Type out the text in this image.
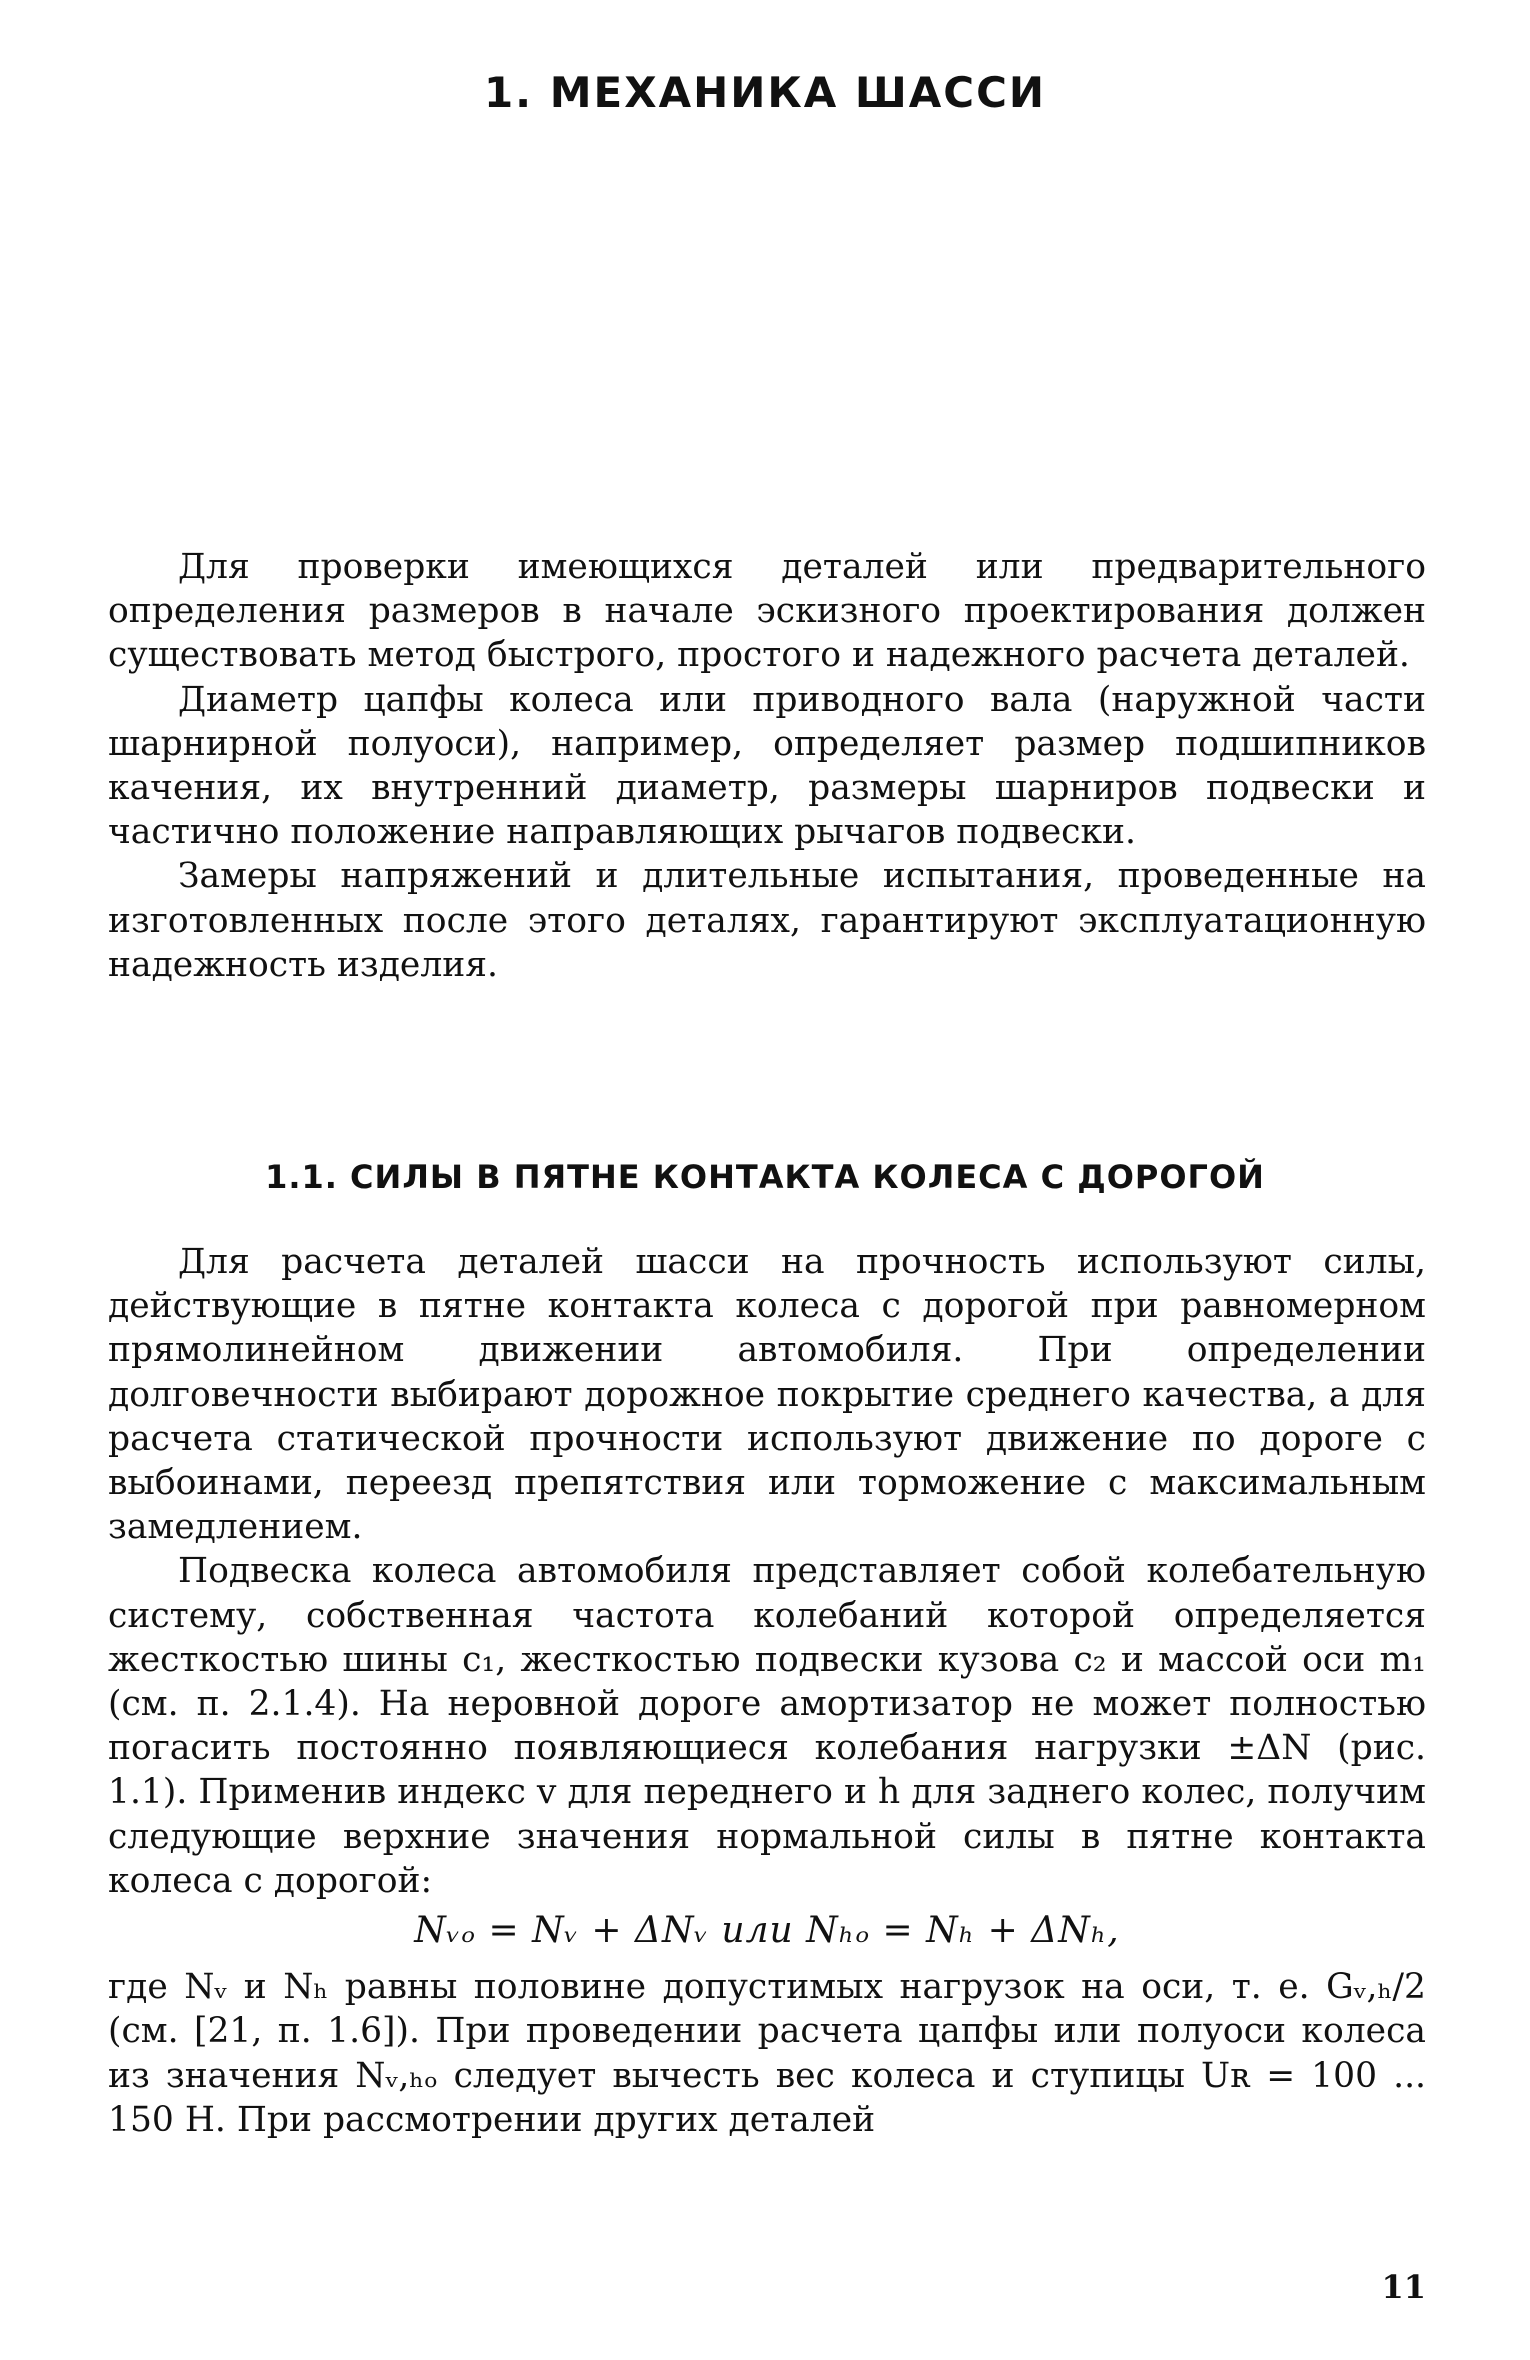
1. МЕХАНИКА ШАССИ

Для проверки имеющихся деталей или предварительного определения размеров в начале эскизного проектирования должен существовать метод быстрого, простого и надежного расчета деталей.

Диаметр цапфы колеса или приводного вала (наружной части шарнирной полуоси), например, определяет размер подшипников качения, их внутренний диаметр, размеры шарниров подвески и частично положение направляющих рычагов подвески.

Замеры напряжений и длительные испытания, проведенные на изготовленных после этого деталях, гарантируют эксплуатационную надежность изделия.

1.1. СИЛЫ В ПЯТНЕ КОНТАКТА КОЛЕСА С ДОРОГОЙ

Для расчета деталей шасси на прочность используют силы, действующие в пятне контакта колеса с дорогой при равномерном прямолинейном движении автомобиля. При определении долговечности выбирают дорожное покрытие среднего качества, а для расчета статической прочности используют движение по дороге с выбоинами, переезд препятствия или торможение с максимальным замедлением.

Подвеска колеса автомобиля представляет собой колебательную систему, собственная частота колебаний которой определяется жесткостью шины c₁, жесткостью подвески кузова c₂ и массой оси m₁ (см. п. 2.1.4). На неровной дороге амортизатор не может полностью погасить постоянно появляющиеся колебания нагрузки ±ΔN (рис. 1.1). Применив индекс v для переднего и h для заднего колес, получим следующие верхние значения нормальной силы в пятне контакта колеса с дорогой:

Nᵥₒ = Nᵥ + ΔNᵥ или Nₕₒ = Nₕ + ΔNₕ,

где Nᵥ и Nₕ равны половине допустимых нагрузок на оси, т. е. Gᵥ,ₕ/2 (см. [21, п. 1.6]). При проведении расчета цапфы или полуоси колеса из значения Nᵥ,ₕₒ следует вычесть вес колеса и ступицы Uʀ = 100 ... 150 Н. При рассмотрении других деталей

11
